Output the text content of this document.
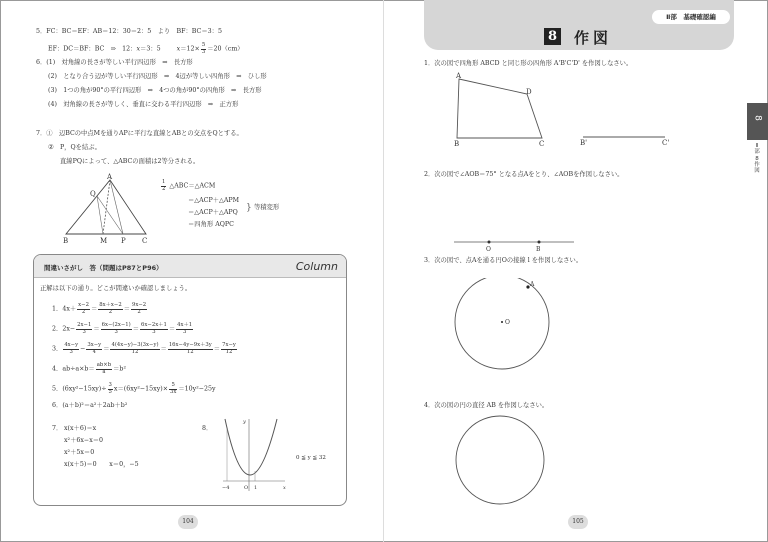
5．FC：BC＝EF：AB＝12：30＝2：5　より　BF：BC＝3：5
EF：DC＝BF：BC　⇒　12：x＝3：5	$x=12\times \frac{5}{3} =20(cm)$
6．(1)　対角線の長さが等しい平行四辺形　⇒　長方形
(2)　となり合う辺が等しい平行四辺形　⇒　4辺が等しい四角形　⇒　ひし形
(3)　1つの角が90°の平行四辺形　⇒　4つの角が90°の四角形　⇒　長方形
(4)　対角線の長さが等しく、垂直に交わる平行四辺形　⇒　正方形
7．①　辺BCの中点Mを通りAPに平行な直線とABとの交点をQとする。
②　P，Qを結ぶ。
直線PQによって、△ABCの面積は2等分される。
A
Q
B	M P C
$\frac{1}{2}$ △ABC＝△ACM
＝△ACP＋△APM
＝△ACP＋△APQ
＝四角形 AQPC
} 等積変形
間違いさがし　答（問題はP87とP96）	Column
正解は以下の通り。どこが間違いか確認しましょう。
1．$4x+ \frac{x-2}{2} = \frac{8x+x-2}{2} = \frac{9x-2}{2}$
2．$2x- \frac{2x-1}{3} = \frac{6x-(2x-1)}{3} = \frac{6x-2x+1}{3} = \frac{4x+1}{3}$
3． $\frac{4x-y}{3} - \frac{3x-y}{4} = \frac{4(4x-y)-3(3x-y)}{12} = \frac{16x-4y-9x+3y}{12} = \frac{7x-y}{12}$
4．$ab\div a\times b= \frac{ab\times b}{a} =b^2$
5．$(6xy^2-15xy)\div \frac{3}{5} x=(6xy^2-15xy)\times \frac{5}{3x} =10y^2-25y$
6．(a＋b)²＝a²＋2ab＋b²
7． x(x＋6)＝x
x²＋6x−x＝0
x²＋5x＝0
x(x＋5)＝0　　x＝0，−5
8．
y
x
O
−4	1
0 ≦ y ≦ 32
104
Ⅱ部　基礎確認編
8 作図
8
Ⅱ
部
8
作
図
1．次の図で四角形 ABCD と同じ形の四角形 A'B'C'D' を作図しなさい。
A
D
B	C	B'	C'
2．次の図で∠AOB＝75° となる点Aをとり、∠AOBを作図しなさい。
O	B
3．次の図で、点Aを通る円Oの接線 l を作図しなさい。
A
O
4．次の図の円の直径 AB を作図しなさい。
105
